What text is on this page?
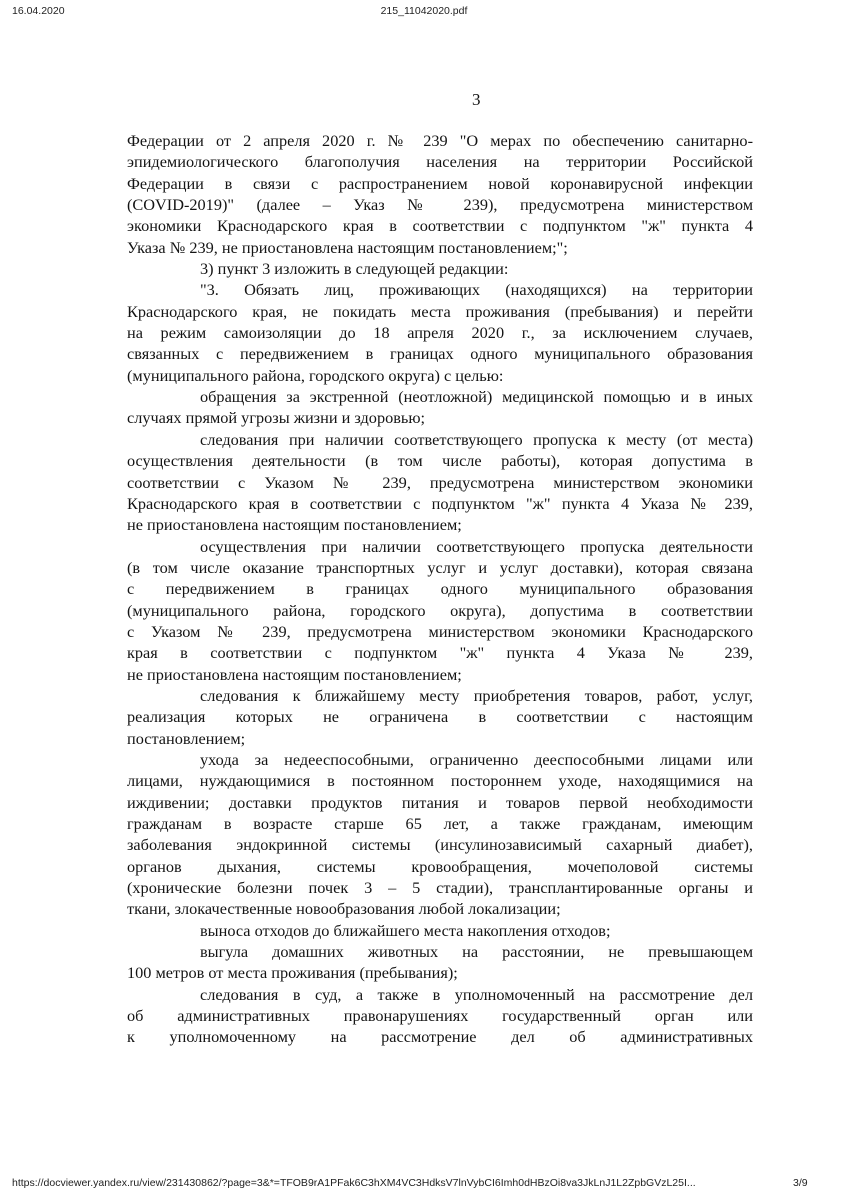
16.04.2020	215_11042020.pdf
3
Федерации от 2 апреля 2020 г. № 239 "О мерах по обеспечению санитарно-
эпидемиологического благополучия населения на территории Российской
Федерации в связи с распространением новой коронавирусной инфекции
(COVID-2019)" (далее – Указ № 239), предусмотрена министерством
экономики Краснодарского края в соответствии с подпунктом "ж" пункта 4
Указа № 239, не приостановлена настоящим постановлением;";
3) пункт 3 изложить в следующей редакции:
"3. Обязать лиц, проживающих (находящихся) на территории
Краснодарского края, не покидать места проживания (пребывания) и перейти
на режим самоизоляции до 18 апреля 2020 г., за исключением случаев,
связанных с передвижением в границах одного муниципального образования
(муниципального района, городского округа) с целью:
обращения за экстренной (неотложной) медицинской помощью и в иных
случаях прямой угрозы жизни и здоровью;
следования при наличии соответствующего пропуска к месту (от места)
осуществления деятельности (в том числе работы), которая допустима в
соответствии с Указом № 239, предусмотрена министерством экономики
Краснодарского края в соответствии с подпунктом "ж" пункта 4 Указа № 239,
не приостановлена настоящим постановлением;
осуществления при наличии соответствующего пропуска деятельности
(в том числе оказание транспортных услуг и услуг доставки), которая связана
с передвижением в границах одного муниципального образования
(муниципального района, городского округа), допустима в соответствии
с Указом № 239, предусмотрена министерством экономики Краснодарского
края в соответствии с подпунктом "ж" пункта 4 Указа № 239,
не приостановлена настоящим постановлением;
следования к ближайшему месту приобретения товаров, работ, услуг,
реализация которых не ограничена в соответствии с настоящим
постановлением;
ухода за недееспособными, ограниченно дееспособными лицами или
лицами, нуждающимися в постоянном постороннем уходе, находящимися на
иждивении; доставки продуктов питания и товаров первой необходимости
гражданам в возрасте старше 65 лет, а также гражданам, имеющим
заболевания эндокринной системы (инсулинозависимый сахарный диабет),
органов дыхания, системы кровообращения, мочеполовой системы
(хронические болезни почек 3 – 5 стадии), трансплантированные органы и
ткани, злокачественные новообразования любой локализации;
выноса отходов до ближайшего места накопления отходов;
выгула домашних животных на расстоянии, не превышающем
100 метров от места проживания (пребывания);
следования в суд, а также в уполномоченный на рассмотрение дел
об административных правонарушениях государственный орган или
к уполномоченному на рассмотрение дел об административных
https://docviewer.yandex.ru/view/231430862/?page=3&*=TFOB9rA1PFak6C3hXM4VC3HdksV7lnVybCI6Imh0dHBzOi8va3JkLnJ1L2ZpbGVzL25I...	3/9
